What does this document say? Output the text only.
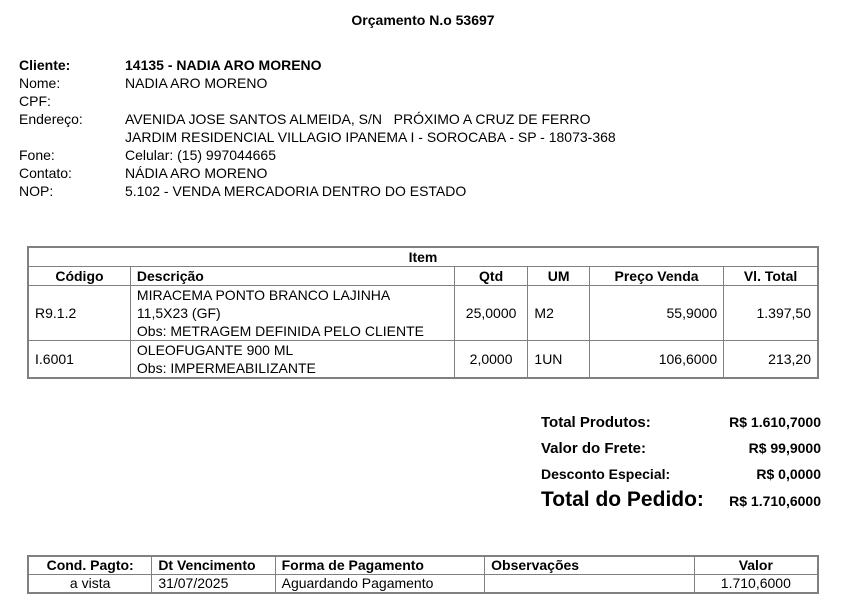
Orçamento N.o 53697
Cliente:	14135 - NADIA ARO MORENO
Nome:	NADIA ARO MORENO
CPF:

Endereço:	AVENIDA JOSE SANTOS ALMEIDA, S/N   PRÓXIMO A CRUZ DE FERRO
JARDIM RESIDENCIAL VILLAGIO IPANEMA I - SOROCABA - SP - 18073-368
Fone:	Celular: (15) 997044665
Contato:	NÁDIA ARO MORENO
NOP:	5.102 - VENDA MERCADORIA DENTRO DO ESTADO
Item					
Código	Descrição	Qtd	UM	Preço Venda	Vl. Total
R9.1.2	MIRACEMA PONTO BRANCO LAJINHA
11,5X23 (GF)
Obs: METRAGEM DEFINIDA PELO CLIENTE	25,0000	M2	55,9000	1.397,50
I.6001	OLEOFUGANTE 900 ML
Obs: IMPERMEABILIZANTE	2,0000	1UN	106,6000	213,20
Total Produtos:	R$ 1.610,7000
Valor do Frete:	R$ 99,9000
Desconto Especial:	R$ 0,0000
Total do Pedido: R$ 1.710,6000
Cond. Pagto:	Dt Vencimento	Forma de Pagamento	Observações	Valor
a vista	31/07/2025	Aguardando Pagamento		1.710,6000
